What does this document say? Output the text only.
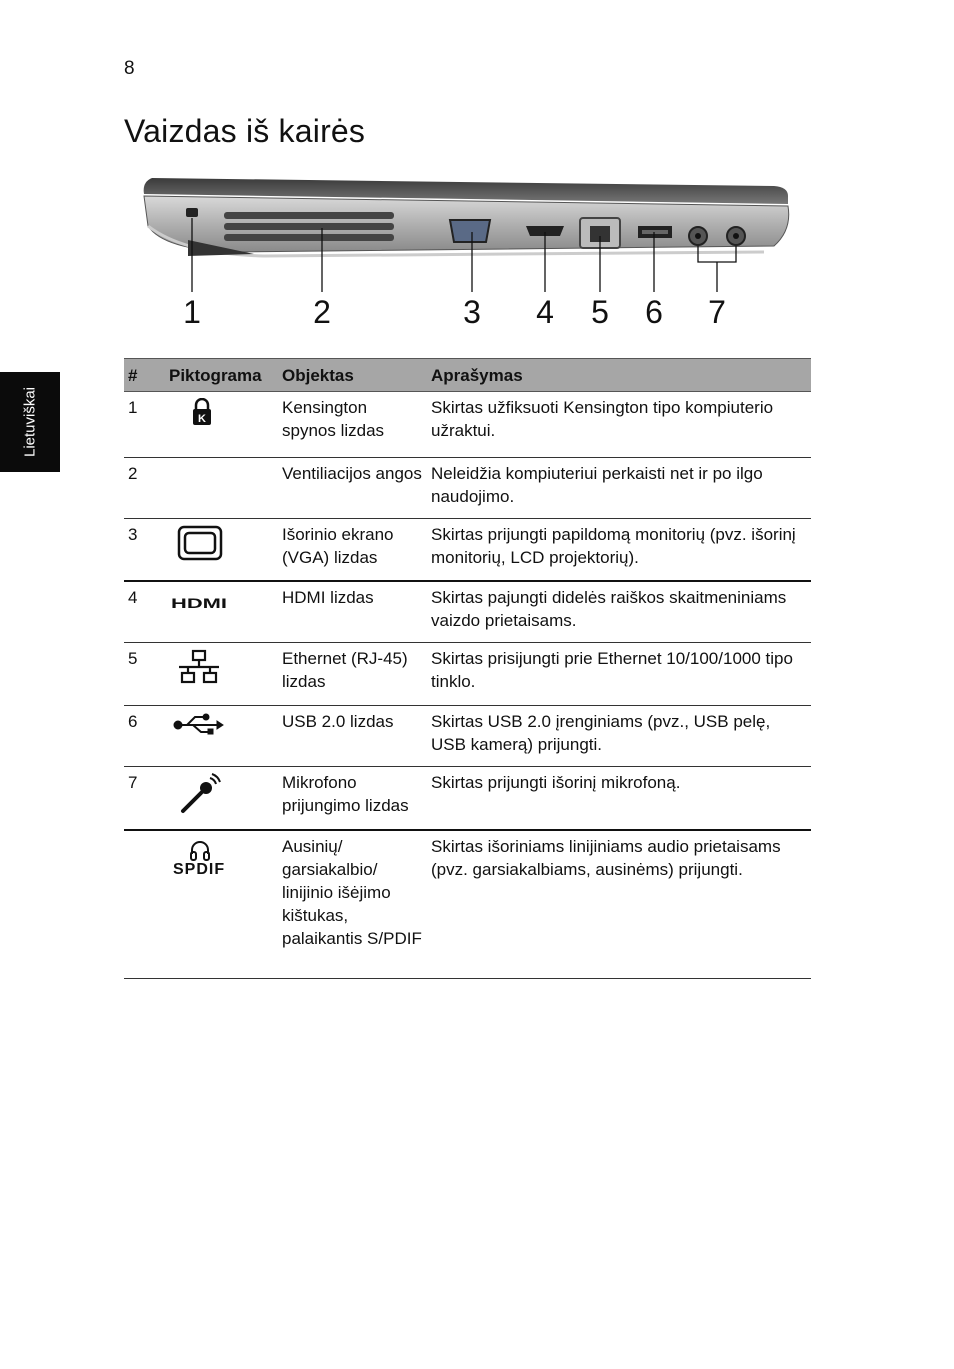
8
Vaizdas iš kairės
Lietuviškai
1	2	3 4 5 6 7
#	Piktograma	Objektas	Aprašymas
1	K	Kensington spynos lizdas	Skirtas užfiksuoti Kensington tipo kompiuterio užraktui.
2		Ventiliacijos angos	Neleidžia kompiuteriui perkaisti net ir po ilgo naudojimo.
3		Išorinio ekrano (VGA) lizdas	Skirtas prijungti papildomą monitorių (pvz. išorinį monitorių, LCD projektorių).
4	HDMI	HDMI lizdas	Skirtas pajungti didelės raiškos skaitmeniniams vaizdo prietaisams.
5		Ethernet (RJ-45) lizdas	Skirtas prisijungti prie Ethernet 10/100/1000 tipo tinklo.
6		USB 2.0 lizdas	Skirtas USB 2.0 įrenginiams (pvz., USB pelę, USB kamerą) prijungti.
7		Mikrofono prijungimo lizdas	Skirtas prijungti išorinį mikrofoną.

	SPDIF	Ausinių/ garsiakalbio/ linijinio išėjimo kištukas, palaikantis S/PDIF	Skirtas išoriniams linijiniams audio prietaisams (pvz. garsiakalbiams, ausinėms) prijungti.
